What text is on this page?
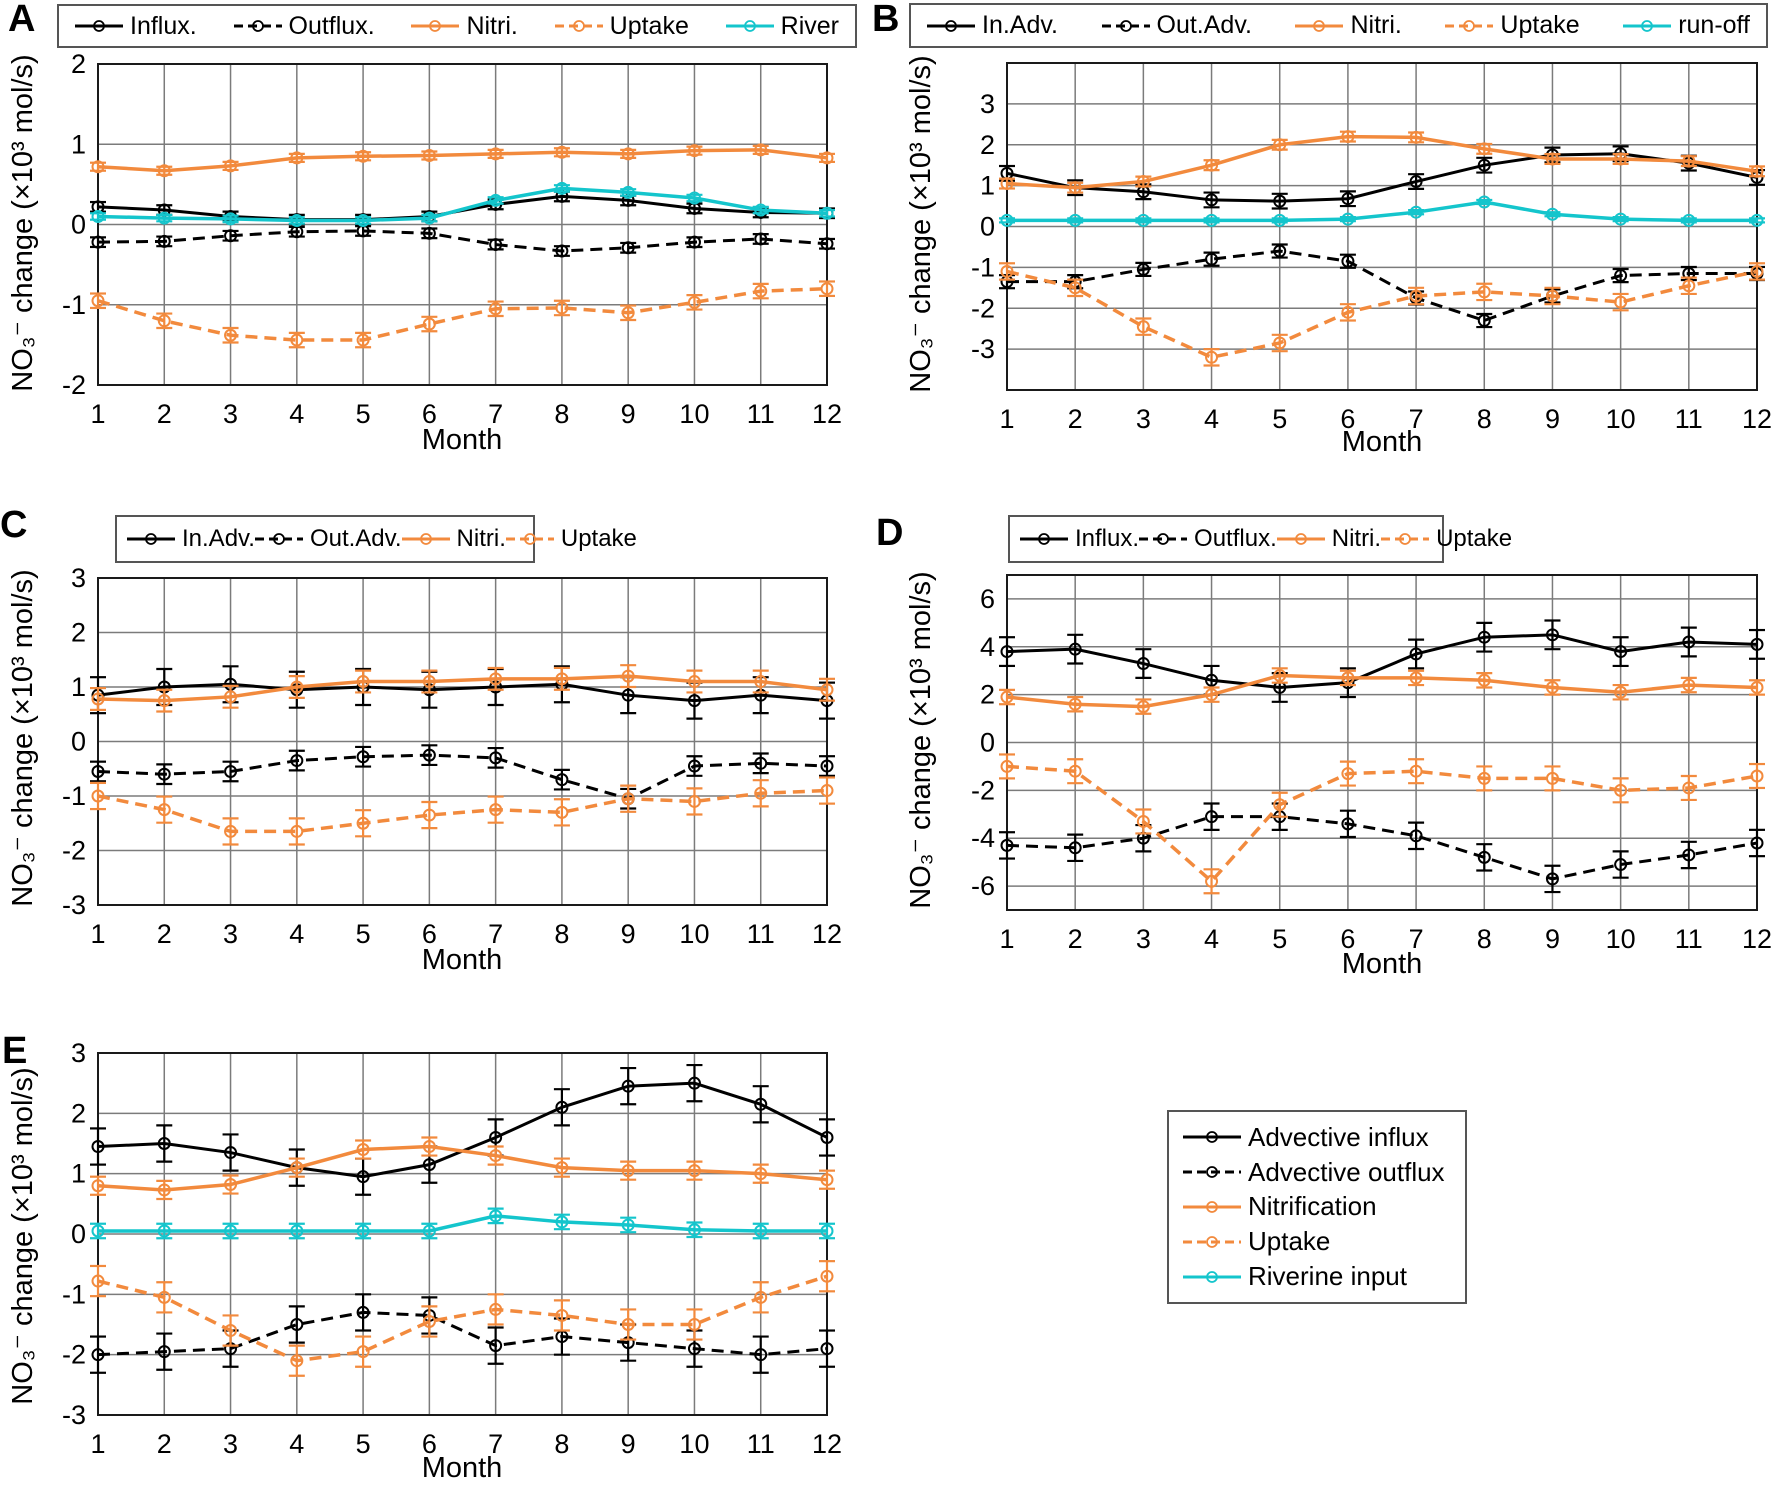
A	Influx.	Outflux.	Nitri.	Uptake	River
NO₃⁻ change (×10³ mol/s) -2
-1
0
1
2
1 2 3 4 5 6 7 8 9 10 11 12
Month
B	In.Adv.	Out.Adv.	Nitri.	Uptake	run-off
NO₃⁻ change (×10³ mol/s) -3
-2
-1
0
1
2
3
1 2 3 4 5 6 7 8 9 10 11 12
Month
C	In.Adv. Out.Adv. Nitri. Uptake
NO₃⁻ change (×10³ mol/s) -3
-2
-1
0
1
2
3
1 2 3 4 5 6 7 8 9 10 11 12
Month
D	Influx. Outflux. Nitri. Uptake
NO₃⁻ change (×10³ mol/s) -6
-4
-2
0
2
4
6
1 2 3 4 5 6 7 8 9 10 11 12
Month
E
NO₃⁻ change (×10³ mol/s)
-3
-2
-1
0
1
2
3
1 2 3 4 5 6 7 8 9 10 11 12
Month
Advective influx
Advective outflux
Nitrification
Uptake
Riverine input
